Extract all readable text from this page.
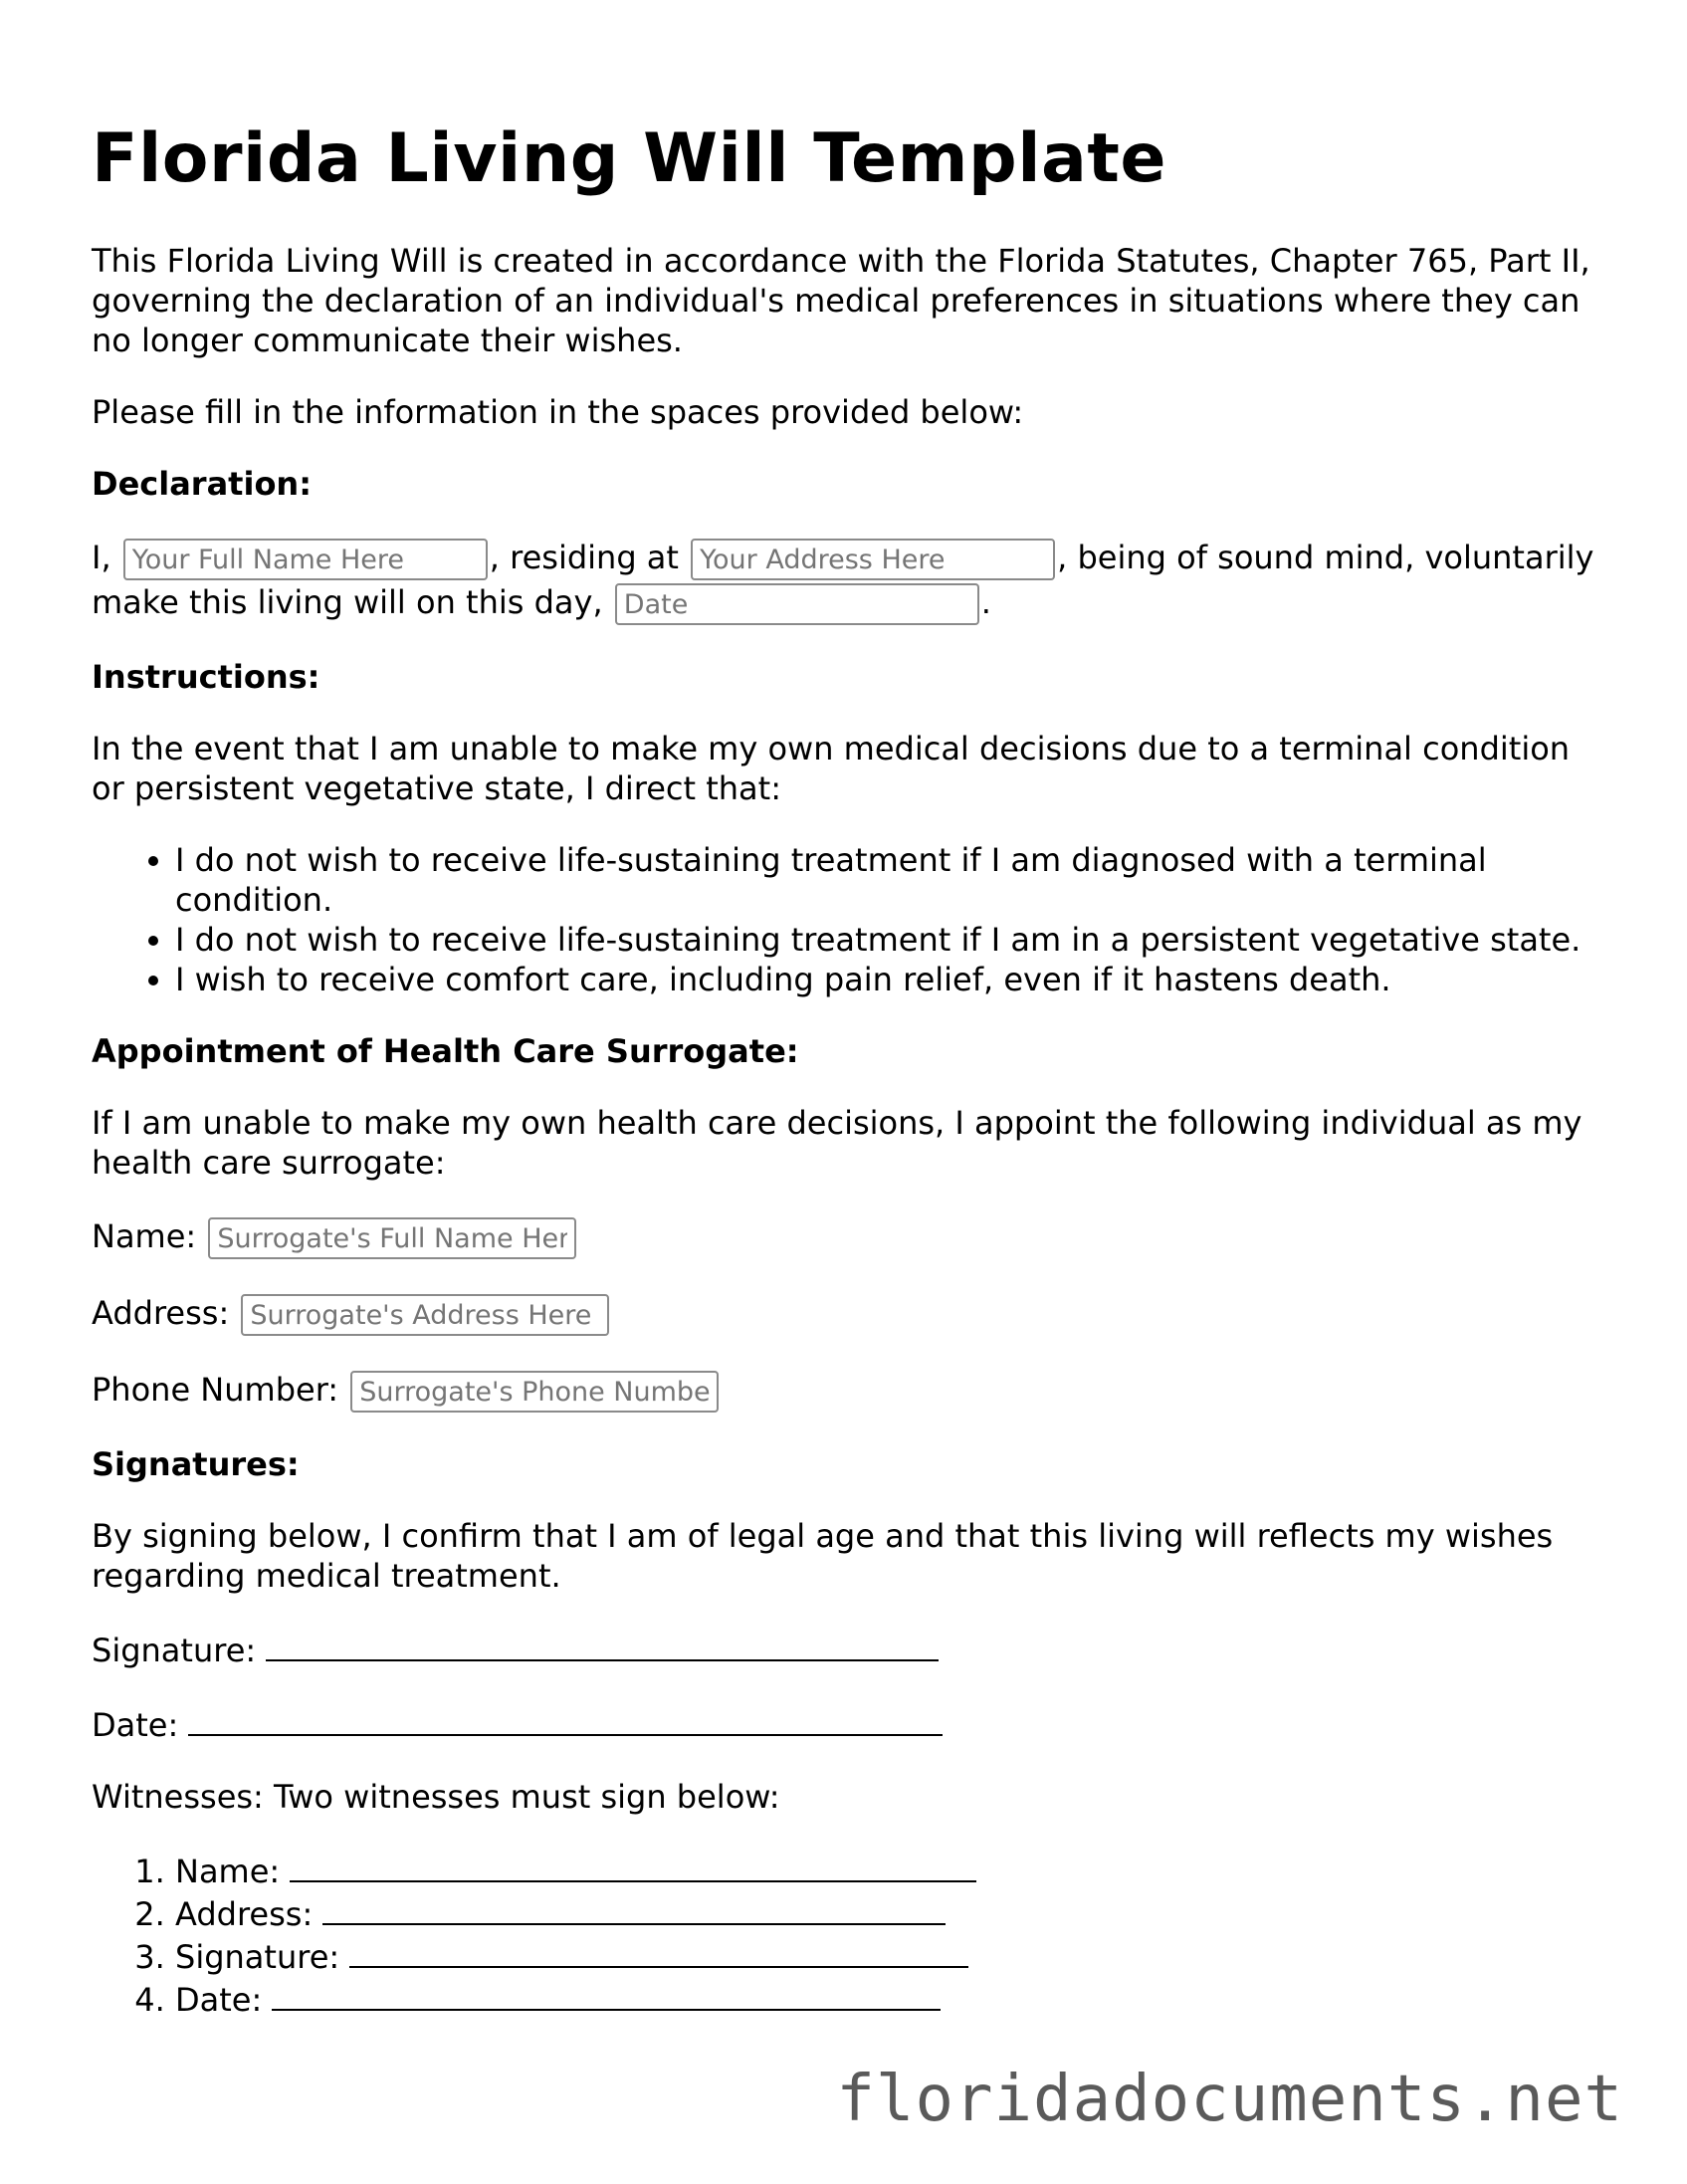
Florida Living Will Template

This Florida Living Will is created in accordance with the Florida Statutes, Chapter 765, Part II, governing the declaration of an individual's medical preferences in situations where they can no longer communicate their wishes.

Please fill in the information in the spaces provided below:

Declaration:

I, Your Full Name Here	, residing at Your Address Here	, being of sound mind, voluntarily make this living will on this day, Date	.

Instructions:

In the event that I am unable to make my own medical decisions due to a terminal condition or persistent vegetative state, I direct that:

• I do not wish to receive life-sustaining treatment if I am diagnosed with a terminal condition.
• I do not wish to receive life-sustaining treatment if I am in a persistent vegetative state.
• I wish to receive comfort care, including pain relief, even if it hastens death.

Appointment of Health Care Surrogate:

If I am unable to make my own health care decisions, I appoint the following individual as my health care surrogate:

Name: Surrogate's Full Name Here

Address: Surrogate's Address Here

Phone Number: Surrogate's Phone Number

Signatures:

By signing below, I confirm that I am of legal age and that this living will reflects my wishes regarding medical treatment.

Signature:

Date:

Witnesses: Two witnesses must sign below:

1. Name:
2. Address:
3. Signature:
4. Date:
floridadocuments.net
